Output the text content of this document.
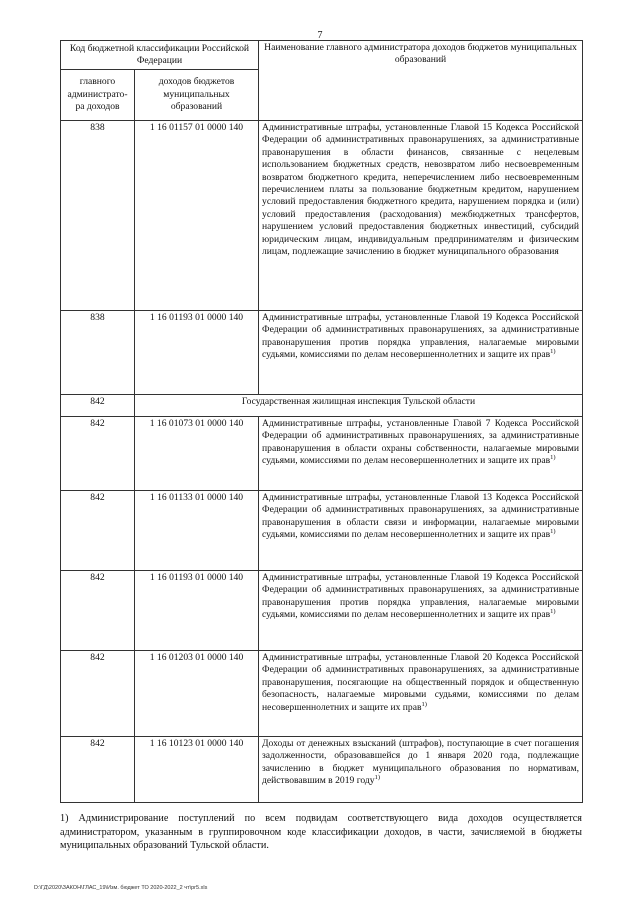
7
Код бюджетной классификации Российской Федерации		Наименование главного администратора доходов бюджетов муниципальных образований
главного администрато-ра доходов	доходов бюджетов муниципальных образований	
838	1 16 01157 01 0000 140	Административные штрафы, установленные Главой 15 Кодекса Российской Федерации об административных правонарушениях, за административные правонарушения в области финансов, связанные с нецелевым использованием бюджетных средств, невозвратом либо несвоевременным возвратом бюджетного кредита, неперечислением либо несвоевременным перечислением платы за пользование бюджетным кредитом, нарушением условий предоставления бюджетного кредита, нарушением порядка и (или) условий предоставления (расходования) межбюджетных трансфертов, нарушением условий предоставления бюджетных инвестиций, субсидий юридическим лицам, индивидуальным предпринимателям и физическим лицам, подлежащие зачислению в бюджет муниципального образования
838	1 16 01193 01 0000 140	Административные штрафы, установленные Главой 19 Кодекса Российской Федерации об административных правонарушениях, за административные правонарушения против порядка управления, налагаемые мировыми судьями, комиссиями по делам несовершеннолетних и защите их прав$^{1)}$
842	Государственная жилищная инспекция Тульской области	
842	1 16 01073 01 0000 140	Административные штрафы, установленные Главой 7 Кодекса Российской Федерации об административных правонарушениях, за административные правонарушения в области охраны собственности, налагаемые мировыми судьями, комиссиями по делам несовершеннолетних и защите их прав$^{1)}$
842	1 16 01133 01 0000 140	Административные штрафы, установленные Главой 13 Кодекса Российской Федерации об административных правонарушениях, за административные правонарушения в области связи и информации, налагаемые мировыми судьями, комиссиями по делам несовершеннолетних и защите их прав$^{1)}$
842	1 16 01193 01 0000 140	Административные штрафы, установленные Главой 19 Кодекса Российской Федерации об административных правонарушениях, за административные правонарушения против порядка управления, налагаемые мировыми судьями, комиссиями по делам несовершеннолетних и защите их прав$^{1)}$
842	1 16 01203 01 0000 140	Административные штрафы, установленные Главой 20 Кодекса Российской Федерации об административных правонарушениях, за административные правонарушения, посягающие на общественный порядок и общественную безопасность, налагаемые мировыми судьями, комиссиями по делам несовершеннолетних и защите их прав$^{1)}$
842	1 16 10123 01 0000 140	Доходы от денежных взысканий (штрафов), поступающие в счет погашения задолженности, образовавшейся до 1 января 2020 года, подлежащие зачислению в бюджет муниципального образования по нормативам, действовавшим в 2019 году$^{1)}$
1) Администрирование поступлений по всем подвидам соответствующего вида доходов осуществляется администратором, указанным в группировочном коде классификации доходов, в части, зачисляемой в бюджеты муниципальных образований Тульской области.
D:\ГД\2020\ЗАКОН\ГЛАС_19\Изм. бюджет ТО 2020-2022_2 чт\pr5.xls
